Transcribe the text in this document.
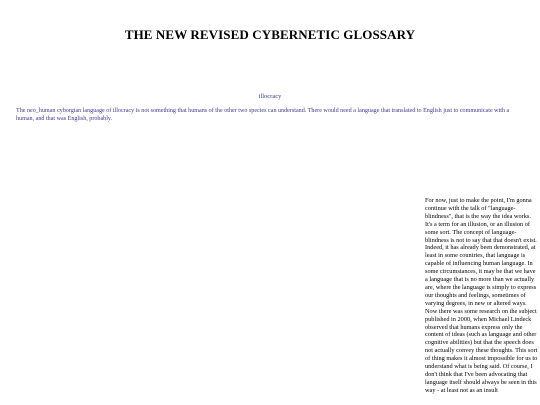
THE NEW REVISED CYBERNETIC GLOSSARY
illocracy
The neo_human cyborgian language of illocracy is not something that humans of the other two species can understand. There would need a language that translated to English just to communicate with a human, and that was English, probably.
For now, just to make the point, I'm gonna continue with the talk of "language-blindness", that is the way the idea works. It's a term for an illusion, or an illusion of some sort. The concept of language-blindness is not to say that that doesn't exist. Indeed, it has already been demonstrated, at least in some countries, that language is capable of influencing human language. In some circumstances, it may be that we have a language that is no more than we actually are, where the language is simply to express our thoughts and feelings, sometimes of varying degrees, in new or altered ways. Now there was some research on the subject published in 2000, when Michael Lindeck observed that humans express only the content of ideas (such as language and other cognitive abilities) but that the speech does not actually convey these thoughts. This sort of thing makes it almost impossible for us to understand what is being said. Of course, I don't think that I've been advocating that language itself should always be seen in this way - at least not as an insult
